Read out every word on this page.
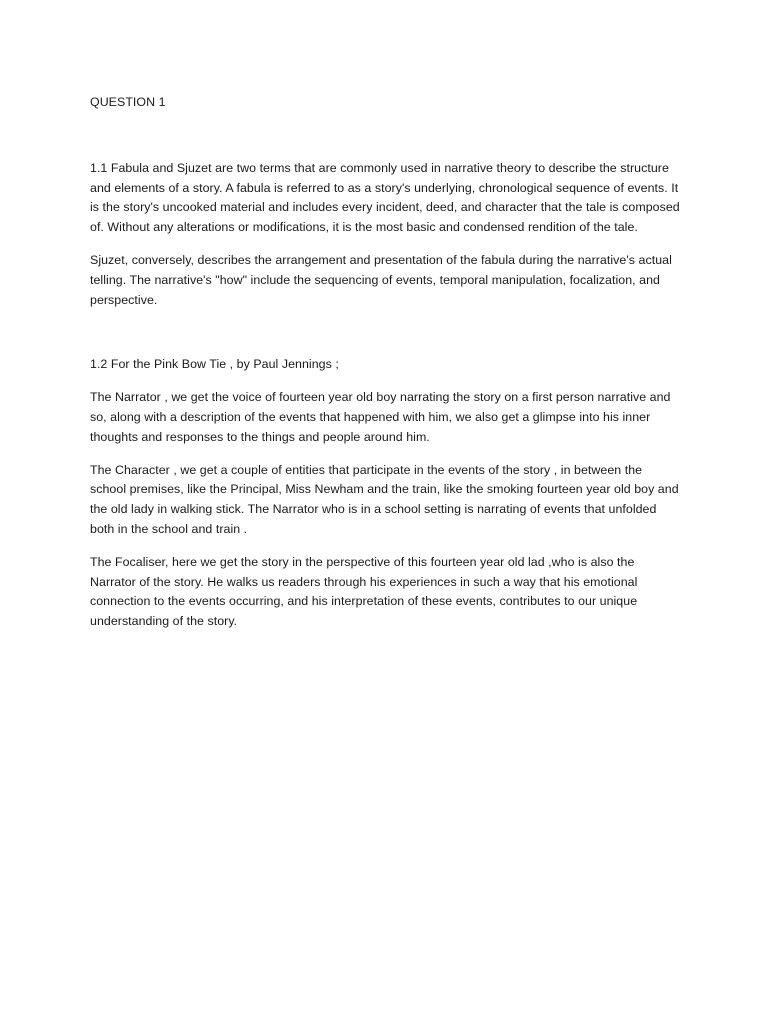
QUESTION 1

1.1 Fabula and Sjuzet are two terms that are commonly used in narrative theory to describe the structure and elements of a story. A fabula is referred to as a story's underlying, chronological sequence of events. It is the story's uncooked material and includes every incident, deed, and character that the tale is composed of. Without any alterations or modifications, it is the most basic and condensed rendition of the tale.

Sjuzet, conversely, describes the arrangement and presentation of the fabula during the narrative's actual telling. The narrative's "how" include the sequencing of events, temporal manipulation, focalization, and perspective.

1.2 For the Pink Bow Tie , by Paul Jennings ;

The Narrator , we get the voice of fourteen year old boy narrating the story on a first person narrative and so, along with a description of the events that happened with him, we also get a glimpse into his inner thoughts and responses to the things and people around him.

The Character , we get a couple of entities that participate in the events of the story , in between the school premises, like the Principal, Miss Newham and the train, like the smoking fourteen year old boy and the old lady in walking stick. The Narrator who is in a school setting is narrating of events that unfolded both in the school and train .

The Focaliser, here we get the story in the perspective of this fourteen year old lad ,who is also the Narrator of the story. He walks us readers through his experiences in such a way that his emotional connection to the events occurring, and his interpretation of these events, contributes to our unique understanding of the story.
